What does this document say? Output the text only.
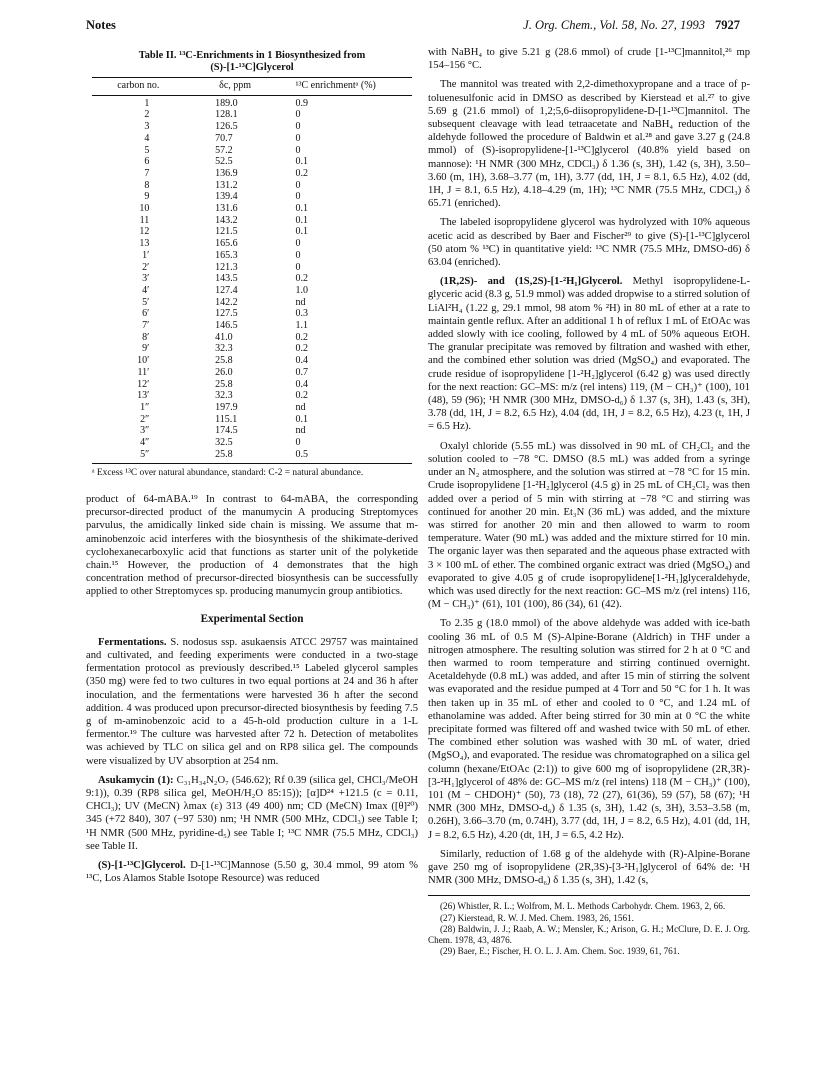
Notes	J. Org. Chem., Vol. 58, No. 27, 1993 7927
Table II. ¹³C-Enrichments in 1 Biosynthesized from
(S)-[1-¹³C]Glycerol
carbon no.	δc, ppm	¹³C enrichmentᵃ (%)
1	189.0	0.9
2	128.1	0
3	126.5	0
4	70.7	0
5	57.2	0
6	52.5	0.1
7	136.9	0.2
8	131.2	0
9	139.4	0
10	131.6	0.1
11	143.2	0.1
12	121.5	0.1
13	165.6	0
1′	165.3	0
2′	121.3	0
3′	143.5	0.2
4′	127.4	1.0
5′	142.2	nd
6′	127.5	0.3
7′	146.5	1.1
8′	41.0	0.2
9′	32.3	0.2
10′	25.8	0.4
11′	26.0	0.7
12′	25.8	0.4
13′	32.3	0.2
1″	197.9	nd
2″	115.1	0.1
3″	174.5	nd
4″	32.5	0
5″	25.8	0.5
ᵃ Excess ¹³C over natural abundance, standard: C-2 = natural abundance.

product of 64-mABA.¹⁹ In contrast to 64-mABA, the corresponding precursor-directed product of the manumycin A producing Streptomyces parvulus, the amidically linked side chain is missing. We assume that m-aminobenzoic acid interferes with the biosynthesis of the shikimate-derived cyclohexanecarboxylic acid that functions as starter unit of the polyketide chain.¹⁵ However, the production of 4 demonstrates that the high concentration method of precursor-directed biosynthesis can be successfully applied to other Streptomyces sp. producing manumycin group antibiotics.

Experimental Section

Fermentations. S. nodosus ssp. asukaensis ATCC 29757 was maintained and cultivated, and feeding experiments were conducted in a two-stage fermentation protocol as previously described.¹⁵ Labeled glycerol samples (350 mg) were fed to two cultures in two equal portions at 24 and 36 h after inoculation, and the fermentations were harvested 36 h after the second addition. 4 was produced upon precursor-directed biosynthesis by feeding 7.5 g of m-aminobenzoic acid to a 45-h-old production culture in a 1-L fermentor.¹⁹ The culture was harvested after 72 h. Detection of metabolites was achieved by TLC on silica gel and on RP8 silica gel. The compounds were visualized by UV absorption at 254 nm.

Asukamycin (1): C₃₁H₃₄N₂O₇ (546.62); Rf 0.39 (silica gel, CHCl₃/MeOH 9:1)), 0.39 (RP8 silica gel, MeOH/H₂O 85:15)); [α]D²⁴ +121.5 (c = 0.11, CHCl₃); UV (MeCN) λmax (ε) 313 (49 400) nm; CD (MeCN) Imax ([θ]²⁰) 345 (+72 840), 307 (−97 530) nm; ¹H NMR (500 MHz, CDCl₃) see Table I; ¹H NMR (500 MHz, pyridine-d₅) see Table I; ¹³C NMR (75.5 MHz, CDCl₃) see Table II.

(S)-[1-¹³C]Glycerol. D-[1-¹³C]Mannose (5.50 g, 30.4 mmol, 99 atom % ¹³C, Los Alamos Stable Isotope Resource) was reduced

with NaBH₄ to give 5.21 g (28.6 mmol) of crude [1-¹³C]mannitol,²⁶ mp 154–156 °C.

The mannitol was treated with 2,2-dimethoxypropane and a trace of p-toluenesulfonic acid in DMSO as described by Kierstead et al.²⁷ to give 5.69 g (21.6 mmol) of 1,2;5,6-diisopropylidene-D-[1-¹³C]mannitol. The subsequent cleavage with lead tetraacetate and NaBH₄ reduction of the aldehyde followed the procedure of Baldwin et al.²⁸ and gave 3.27 g (24.8 mmol) of (S)-isopropylidene-[1-¹³C]glycerol (40.8% yield based on mannose): ¹H NMR (300 MHz, CDCl₃) δ 1.36 (s, 3H), 1.42 (s, 3H), 3.50–3.60 (m, 1H), 3.68–3.77 (m, 1H), 3.77 (dd, 1H, J = 8.1, 6.5 Hz), 4.02 (dd, 1H, J = 8.1, 6.5 Hz), 4.18–4.29 (m, 1H); ¹³C NMR (75.5 MHz, CDCl₃) δ 65.71 (enriched).

The labeled isopropylidene glycerol was hydrolyzed with 10% aqueous acetic acid as described by Baer and Fischer²⁹ to give (S)-[1-¹³C]glycerol (50 atom % ¹³C) in quantitative yield: ¹³C NMR (75.5 MHz, DMSO-d6) δ 63.04 (enriched).

(1R,2S)- and (1S,2S)-[1-²H₁]Glycerol. Methyl isopropylidene-L-glyceric acid (8.3 g, 51.9 mmol) was added dropwise to a stirred solution of LiAl²H₄ (1.22 g, 29.1 mmol, 98 atom % ²H) in 80 mL of ether at a rate to maintain gentle reflux. After an additional 1 h of reflux 1 mL of EtOAc was added slowly with ice cooling, followed by 4 mL of 50% aqueous EtOH. The granular precipitate was removed by filtration and washed with ether, and the combined ether solution was dried (MgSO₄) and evaporated. The crude residue of isopropylidene [1-²H₂]glycerol (6.42 g) was used directly for the next reaction: GC–MS: m/z (rel intens) 119, (M − CH₃)⁺ (100), 101 (48), 59 (96); ¹H NMR (300 MHz, DMSO-d₆) δ 1.37 (s, 3H), 1.43 (s, 3H), 3.78 (dd, 1H, J = 8.2, 6.5 Hz), 4.04 (dd, 1H, J = 8.2, 6.5 Hz), 4.23 (t, 1H, J = 6.5 Hz).

Oxalyl chloride (5.55 mL) was dissolved in 90 mL of CH₂Cl₂ and the solution cooled to −78 °C. DMSO (8.5 mL) was added from a syringe under an N₂ atmosphere, and the solution was stirred at −78 °C for 15 min. Crude isopropylidene [1-²H₂]glycerol (4.5 g) in 25 mL of CH₂Cl₂ was then added over a period of 5 min with stirring at −78 °C and stirring was continued for another 20 min. Et₃N (36 mL) was added, and the mixture was stirred for another 20 min and then allowed to warm to room temperature. Water (90 mL) was added and the mixture stirred for 10 min. The organic layer was then separated and the aqueous phase extracted with 3 × 100 mL of ether. The combined organic extract was dried (MgSO₄) and evaporated to give 4.05 g of crude isopropylidene[1-²H₁]glyceraldehyde, which was used directly for the next reaction: GC–MS m/z (rel intens) 116, (M − CH₃)⁺ (61), 101 (100), 86 (34), 61 (42).

To 2.35 g (18.0 mmol) of the above aldehyde was added with ice-bath cooling 36 mL of 0.5 M (S)-Alpine-Borane (Aldrich) in THF under a nitrogen atmosphere. The resulting solution was stirred for 2 h at 0 °C and then warmed to room temperature and stirring continued overnight. Acetaldehyde (0.8 mL) was added, and after 15 min of stirring the solvent was evaporated and the residue pumped at 4 Torr and 50 °C for 1 h. It was then taken up in 35 mL of ether and cooled to 0 °C, and 1.24 mL of ethanolamine was added. After being stirred for 30 min at 0 °C the white precipitate formed was filtered off and washed twice with 50 mL of ether. The combined ether solution was washed with 30 mL of water, dried (MgSO₄), and evaporated. The residue was chromatographed on a silica gel column (hexane/EtOAc (2:1)) to give 600 mg of isopropylidene (2R,3R)-[3-²H₁]glycerol of 48% de: GC–MS m/z (rel intens) 118 (M − CH₃)⁺ (100), 101 (M − CHDOH)⁺ (50), 73 (18), 72 (27), 61(36), 59 (57), 58 (67); ¹H NMR (300 MHz, DMSO-d₆) δ 1.35 (s, 3H), 1.42 (s, 3H), 3.53–3.58 (m, 0.26H), 3.66–3.70 (m, 0.74H), 3.77 (dd, 1H, J = 8.2, 6.5 Hz), 4.01 (dd, 1H, J = 8.2, 6.5 Hz), 4.20 (dt, 1H, J = 6.5, 4.2 Hz).

Similarly, reduction of 1.68 g of the aldehyde with (R)-Alpine-Borane gave 250 mg of isopropylidene (2R,3S)-[3-²H₁]glycerol of 64% de: ¹H NMR (300 MHz, DMSO-d₆) δ 1.35 (s, 3H), 1.42 (s,

(26) Whistler, R. L.; Wolfrom, M. L. Methods Carbohydr. Chem. 1963, 2, 66.
(27) Kierstead, R. W. J. Med. Chem. 1983, 26, 1561.
(28) Baldwin, J. J.; Raab, A. W.; Mensler, K.; Arison, G. H.; McClure, D. E. J. Org. Chem. 1978, 43, 4876.
(29) Baer, E.; Fischer, H. O. L. J. Am. Chem. Soc. 1939, 61, 761.
